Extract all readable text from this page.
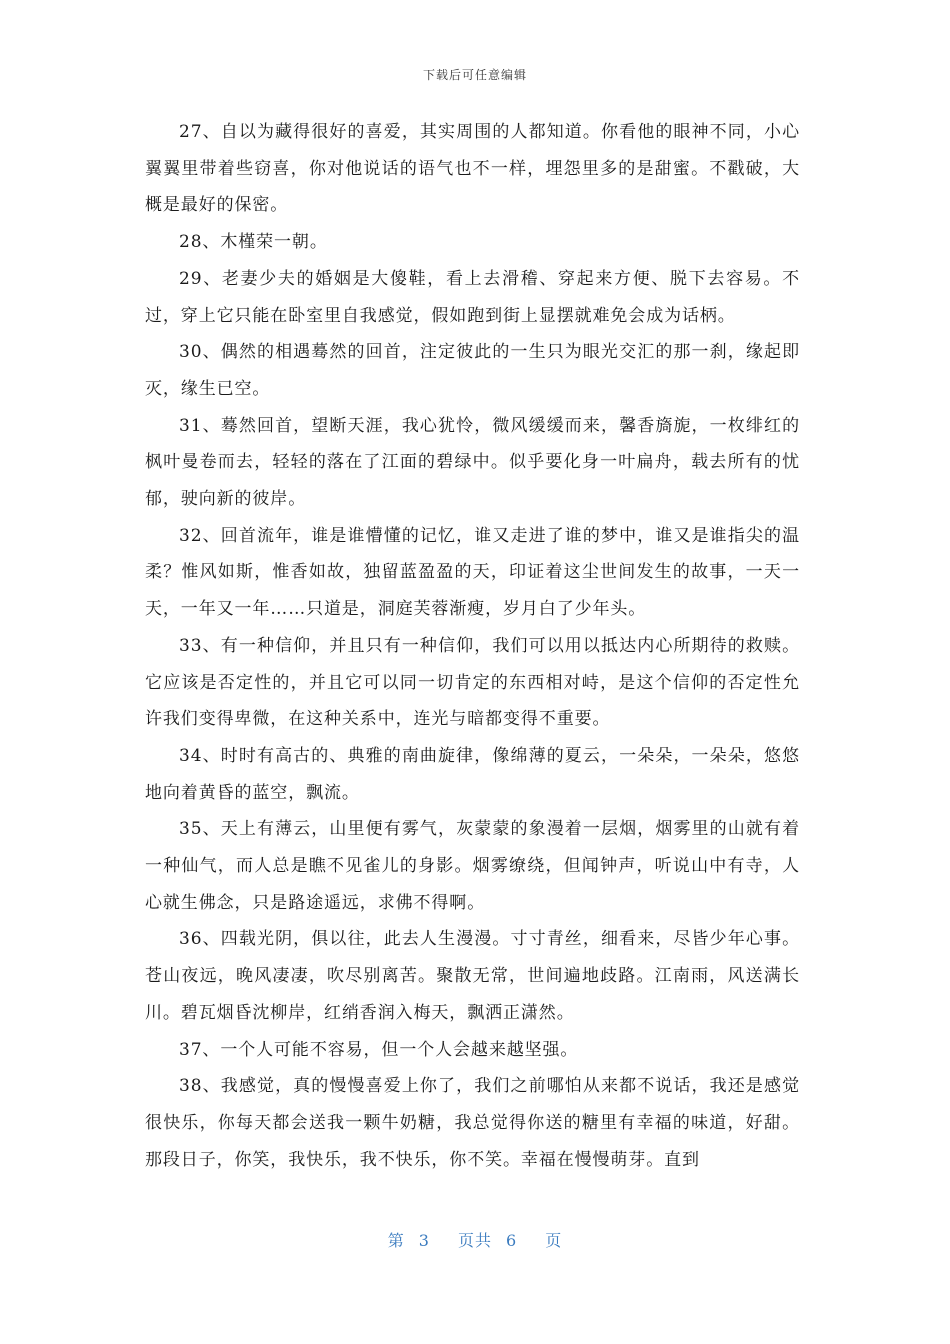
下载后可任意编辑

27、自以为藏得很好的喜爱，其实周围的人都知道。你看他的眼神不同，小心翼翼里带着些窃喜，你对他说话的语气也不一样，埋怨里多的是甜蜜。不戳破，大概是最好的保密。

28、木槿荣一朝。

29、老妻少夫的婚姻是大傻鞋，看上去滑稽、穿起来方便、脱下去容易。不过，穿上它只能在卧室里自我感觉，假如跑到街上显摆就难免会成为话柄。

30、偶然的相遇蓦然的回首，注定彼此的一生只为眼光交汇的那一刹，缘起即灭，缘生已空。

31、蓦然回首，望断天涯，我心犹怜，微风缓缓而来，馨香旖旎，一枚绯红的枫叶曼卷而去，轻轻的落在了江面的碧绿中。似乎要化身一叶扁舟，载去所有的忧郁，驶向新的彼岸。

32、回首流年，谁是谁懵懂的记忆，谁又走进了谁的梦中，谁又是谁指尖的温柔？惟风如斯，惟香如故，独留蓝盈盈的天，印证着这尘世间发生的故事，一天一天，一年又一年……只道是，洞庭芙蓉渐瘦，岁月白了少年头。

33、有一种信仰，并且只有一种信仰，我们可以用以抵达内心所期待的救赎。它应该是否定性的，并且它可以同一切肯定的东西相对峙，是这个信仰的否定性允许我们变得卑微，在这种关系中，连光与暗都变得不重要。

34、时时有高古的、典雅的南曲旋律，像绵薄的夏云，一朵朵，一朵朵，悠悠地向着黄昏的蓝空，飘流。

35、天上有薄云，山里便有雾气，灰蒙蒙的象漫着一层烟，烟雾里的山就有着一种仙气，而人总是瞧不见雀儿的身影。烟雾缭绕，但闻钟声，听说山中有寺，人心就生佛念，只是路途遥远，求佛不得啊。

36、四载光阴，俱以往，此去人生漫漫。寸寸青丝，细看来，尽皆少年心事。苍山夜远，晚风凄凄，吹尽别离苦。聚散无常，世间遍地歧路。江南雨，风送满长川。碧瓦烟昏沈柳岸，红绡香润入梅天，飘洒正潇然。

37、一个人可能不容易，但一个人会越来越坚强。

38、我感觉，真的慢慢喜爱上你了，我们之前哪怕从来都不说话，我还是感觉很快乐，你每天都会送我一颗牛奶糖，我总觉得你送的糖里有幸福的味道，好甜。那段日子，你笑，我快乐，我不快乐，你不笑。幸福在慢慢萌芽。直到

第 3 页共 6 页
